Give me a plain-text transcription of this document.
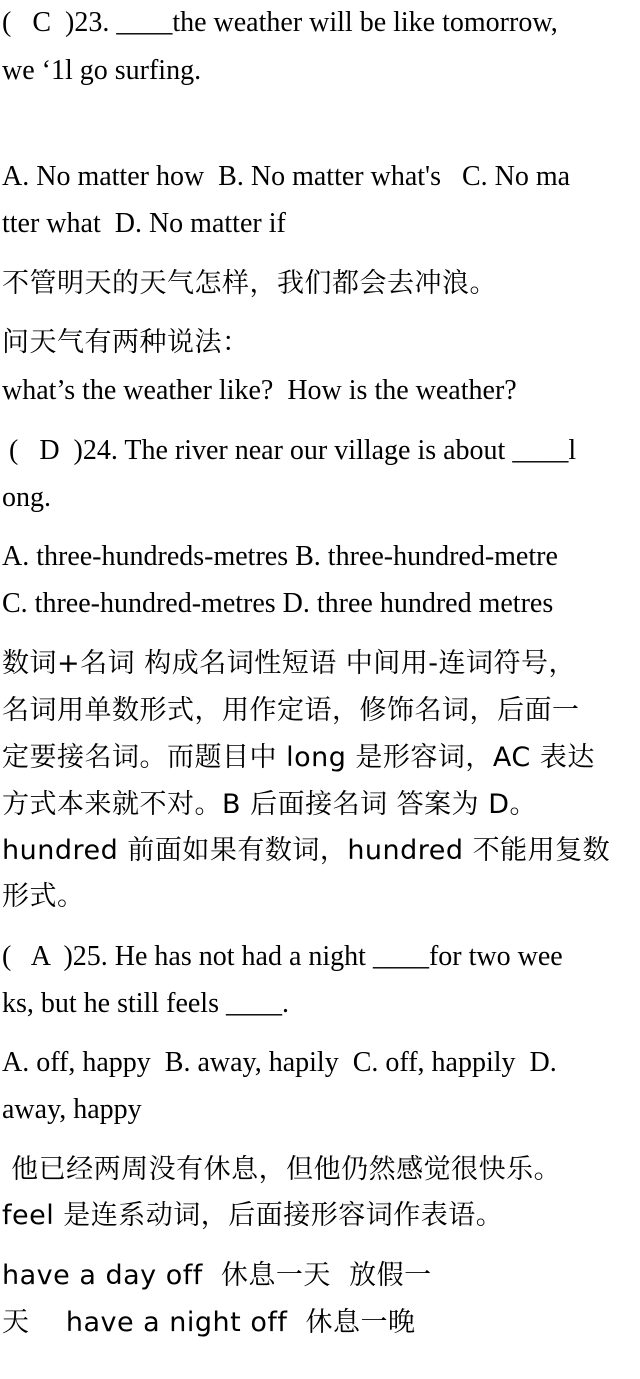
(   C  )23. ____the weather will be like tomorrow,
we ‘1l go surfing.
A. No matter how  B. No matter what's   C. No ma
tter what  D. No matter if
不管明天的天气怎样，我们都会去冲浪。
问天气有两种说法：
what’s the weather like?  How is the weather?
(   D  )24. The river near our village is about ____l
ong.
A. three-hundreds-metres B. three-hundred-metre
C. three-hundred-metres D. three hundred metres
数词+名词 构成名词性短语 中间用-连词符号，
名词用单数形式，用作定语，修饰名词，后面一
定要接名词。而题目中 long 是形容词，AC 表达
方式本来就不对。B 后面接名词 答案为 D。
hundred 前面如果有数词，hundred 不能用复数
形式。
(   A  )25. He has not had a night ____for two wee
ks, but he still feels ____.
A. off, happy  B. away, hapily  C. off, happily  D.
away, happy
他已经两周没有休息，但他仍然感觉很快乐。
feel 是连系动词，后面接形容词作表语。
have a day off  休息一天  放假一
天    have a night off  休息一晚
